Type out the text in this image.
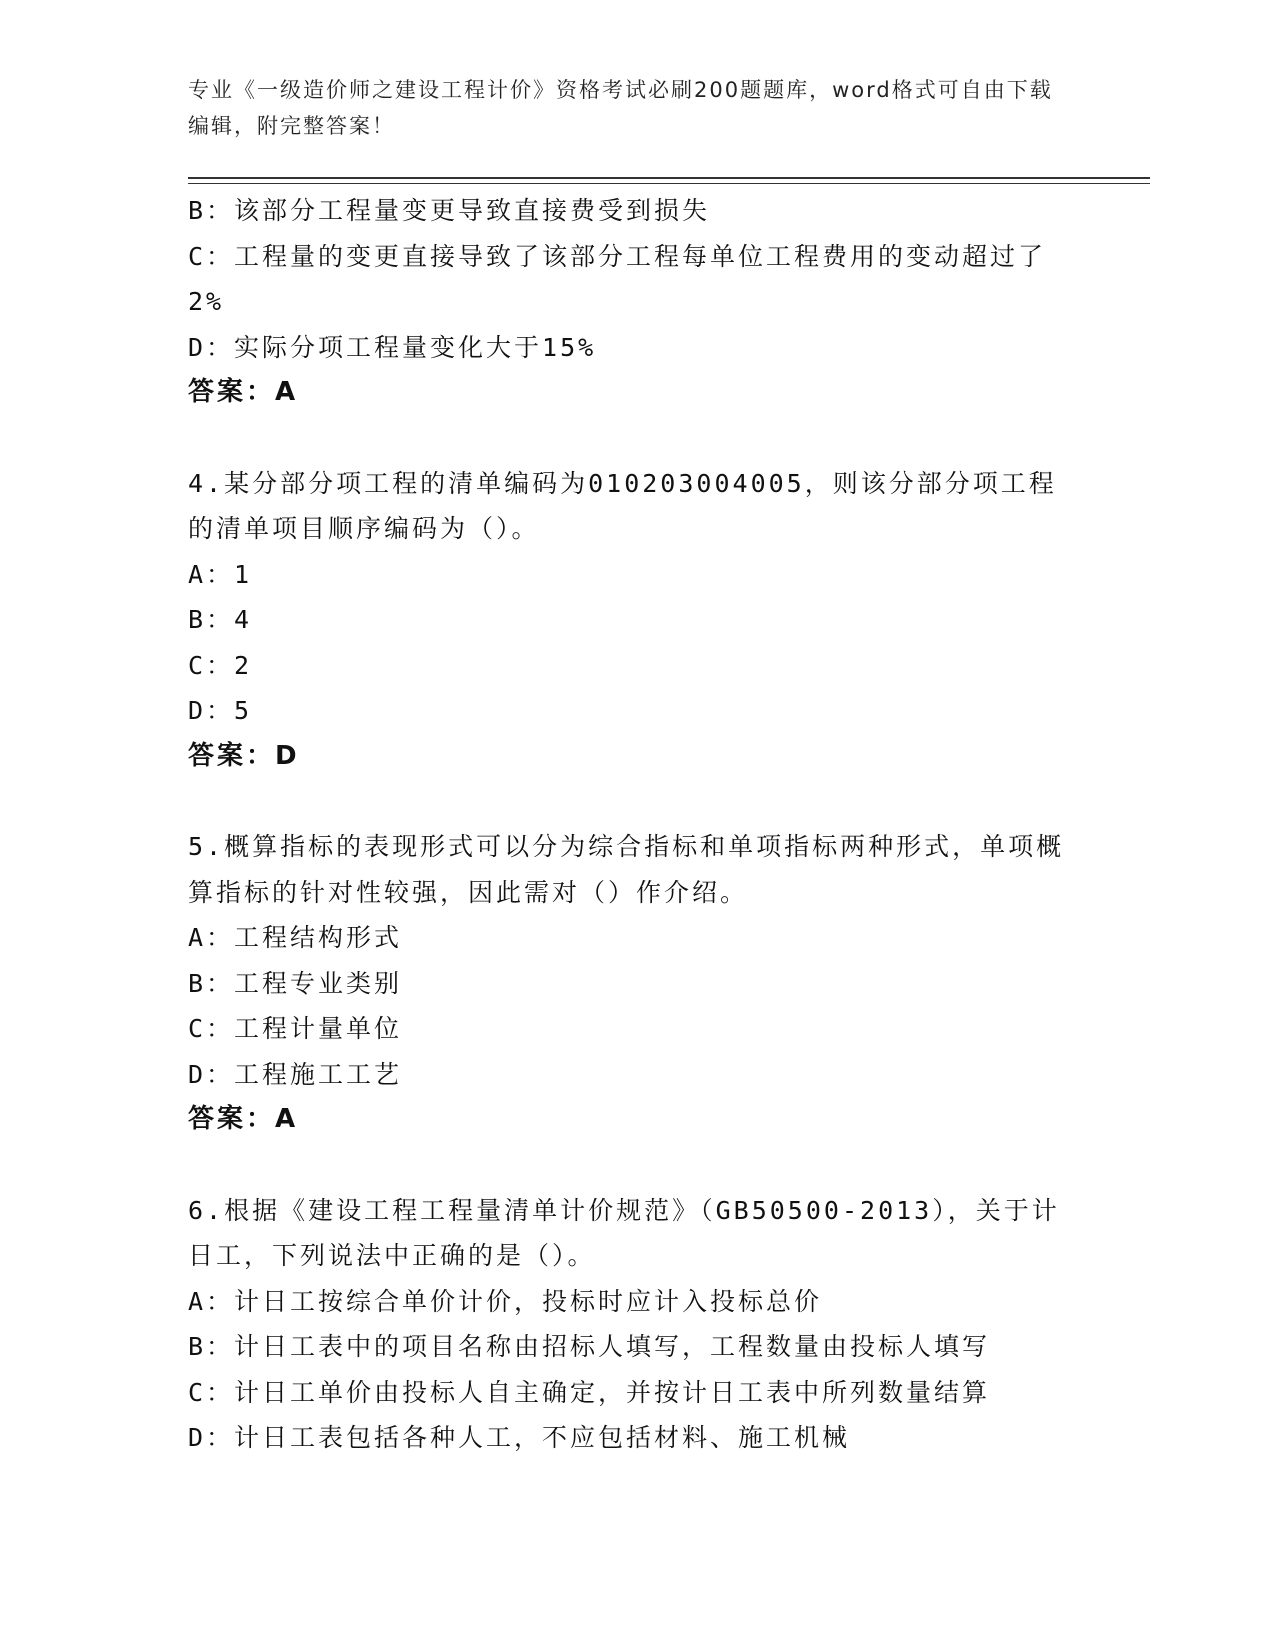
专业《一级造价师之建设工程计价》资格考试必刷200题题库，word格式可自由下载编辑，附完整答案！
B：该部分工程量变更导致直接费受到损失
C：工程量的变更直接导致了该部分工程每单位工程费用的变动超过了2%
D：实际分项工程量变化大于15%
答案：A
4.某分部分项工程的清单编码为010203004005，则该分部分项工程的清单项目顺序编码为（）。
A：1
B：4
C：2
D：5
答案：D
5.概算指标的表现形式可以分为综合指标和单项指标两种形式，单项概算指标的针对性较强，因此需对（）作介绍。
A：工程结构形式
B：工程专业类别
C：工程计量单位
D：工程施工工艺
答案：A
6.根据《建设工程工程量清单计价规范》（GB50500-2013），关于计日工，下列说法中正确的是（）。
A：计日工按综合单价计价，投标时应计入投标总价
B：计日工表中的项目名称由招标人填写，工程数量由投标人填写
C：计日工单价由投标人自主确定，并按计日工表中所列数量结算
D：计日工表包括各种人工，不应包括材料、施工机械
